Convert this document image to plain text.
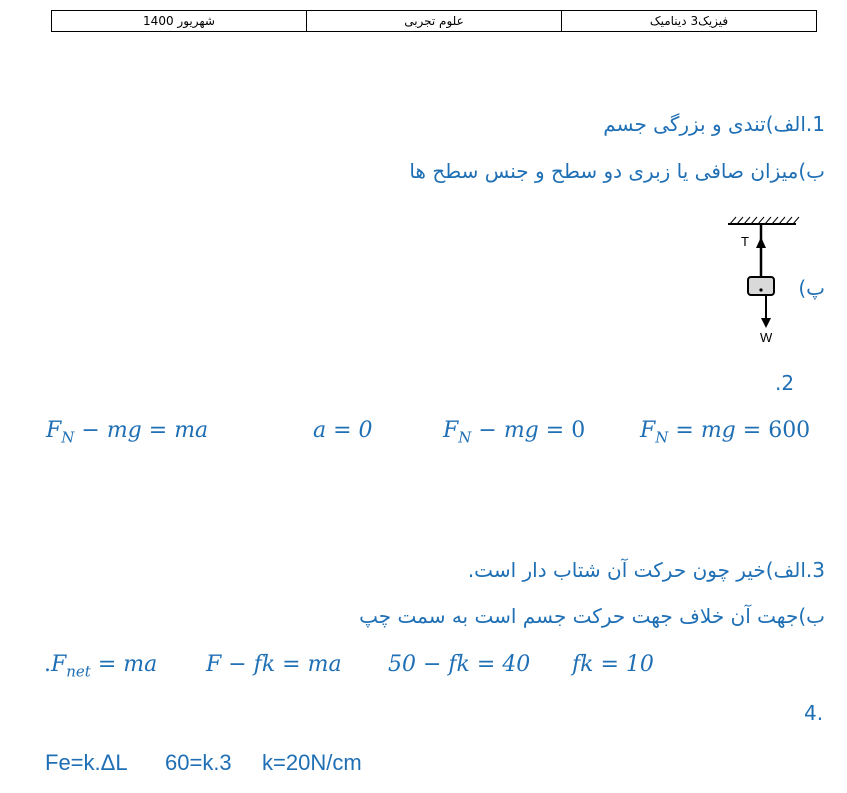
شهریور 1400	علوم تجربی	فیزیک3 دینامیک
1.الف)تندی و بزرگی جسم
ب)میزان صافی یا زبری دو سطح و جنس سطح ها
پ)
T
W
.2
$F_N$ − mg = ma	a = 0	$F_N$ − mg = 0 $F_N$ = mg = 600
3.الف)خیر چون حرکت آن شتاب دار است.
ب)جهت آن خلاف جهت حرکت جسم است به سمت چپ
$.F_{net}$ = ma F − fk = ma 50 − fk = 40 fk = 10
4.
Fe=k.ΔL 60=k.3 k=20N/cm
